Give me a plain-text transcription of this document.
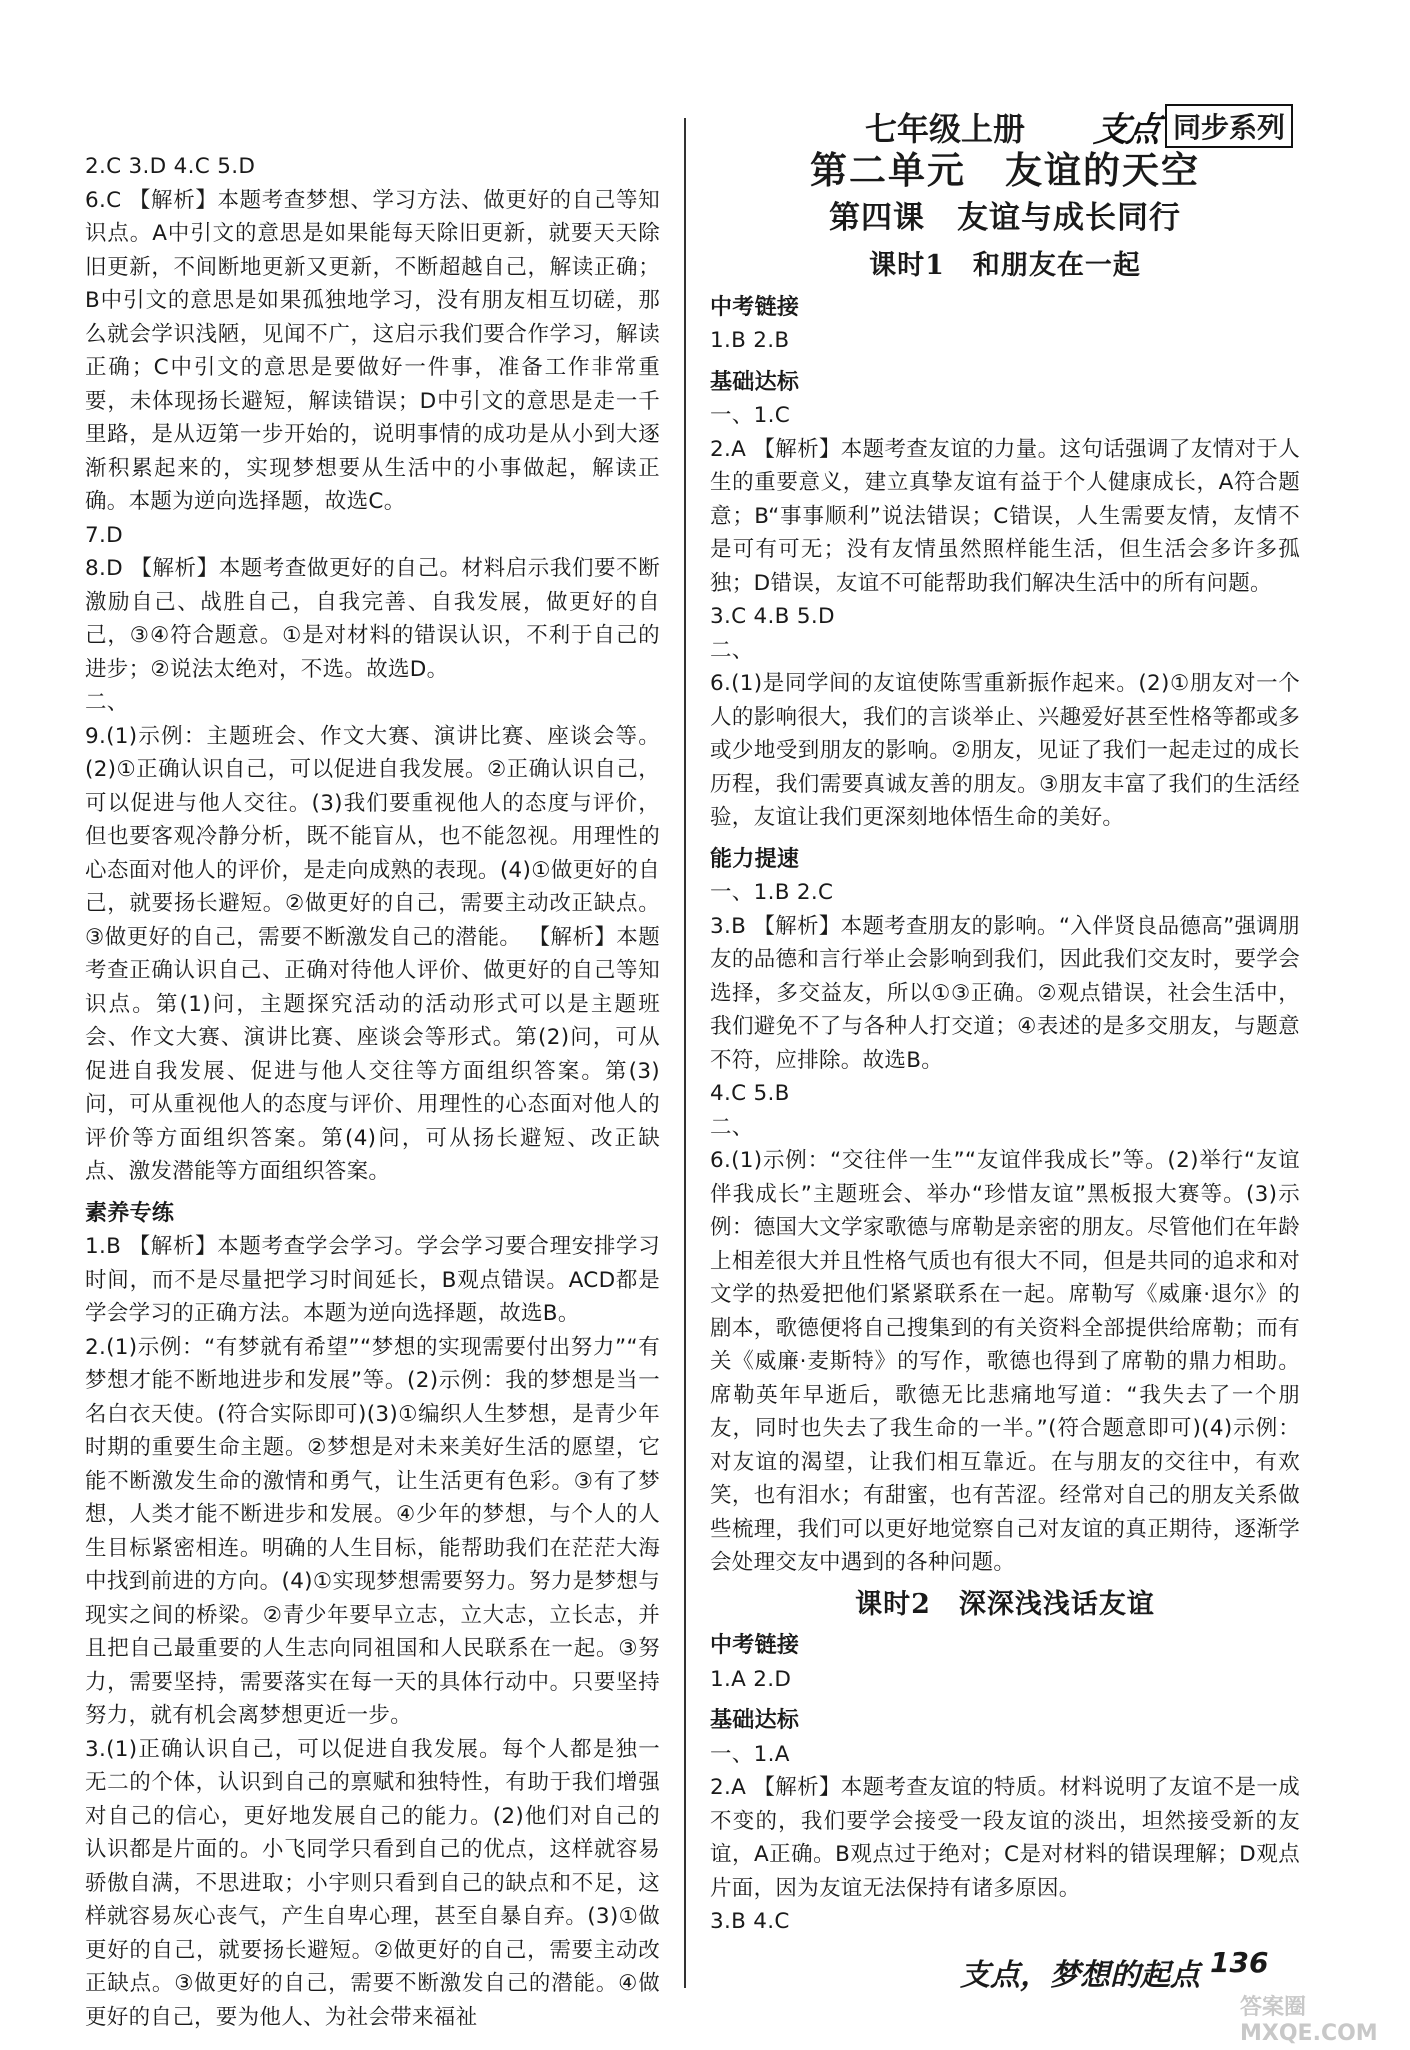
七年级上册 支点 同步系列

2.C 3.D 4.C 5.D

6.C 【解析】本题考查梦想、学习方法、做更好的自己等知识点。A中引文的意思是如果能每天除旧更新，就要天天除旧更新，不间断地更新又更新，不断超越自己，解读正确；B中引文的意思是如果孤独地学习，没有朋友相互切磋，那么就会学识浅陋，见闻不广，这启示我们要合作学习，解读正确；C中引文的意思是要做好一件事，准备工作非常重要，未体现扬长避短，解读错误；D中引文的意思是走一千里路，是从迈第一步开始的，说明事情的成功是从小到大逐渐积累起来的，实现梦想要从生活中的小事做起，解读正确。本题为逆向选择题，故选C。

7.D

8.D 【解析】本题考查做更好的自己。材料启示我们要不断激励自己、战胜自己，自我完善、自我发展，做更好的自己，③④符合题意。①是对材料的错误认识，不利于自己的进步；②说法太绝对，不选。故选D。

二、

9.(1)示例：主题班会、作文大赛、演讲比赛、座谈会等。(2)①正确认识自己，可以促进自我发展。②正确认识自己，可以促进与他人交往。(3)我们要重视他人的态度与评价，但也要客观冷静分析，既不能盲从，也不能忽视。用理性的心态面对他人的评价，是走向成熟的表现。(4)①做更好的自己，就要扬长避短。②做更好的自己，需要主动改正缺点。③做更好的自己，需要不断激发自己的潜能。 【解析】本题考查正确认识自己、正确对待他人评价、做更好的自己等知识点。第(1)问，主题探究活动的活动形式可以是主题班会、作文大赛、演讲比赛、座谈会等形式。第(2)问，可从促进自我发展、促进与他人交往等方面组织答案。第(3)问，可从重视他人的态度与评价、用理性的心态面对他人的评价等方面组织答案。第(4)问，可从扬长避短、改正缺点、激发潜能等方面组织答案。

素养专练

1.B 【解析】本题考查学会学习。学会学习要合理安排学习时间，而不是尽量把学习时间延长，B观点错误。ACD都是学会学习的正确方法。本题为逆向选择题，故选B。

2.(1)示例：“有梦就有希望”“梦想的实现需要付出努力”“有梦想才能不断地进步和发展”等。(2)示例：我的梦想是当一名白衣天使。(符合实际即可)(3)①编织人生梦想，是青少年时期的重要生命主题。②梦想是对未来美好生活的愿望，它能不断激发生命的激情和勇气，让生活更有色彩。③有了梦想，人类才能不断进步和发展。④少年的梦想，与个人的人生目标紧密相连。明确的人生目标，能帮助我们在茫茫大海中找到前进的方向。(4)①实现梦想需要努力。努力是梦想与现实之间的桥梁。②青少年要早立志，立大志，立长志，并且把自己最重要的人生志向同祖国和人民联系在一起。③努力，需要坚持，需要落实在每一天的具体行动中。只要坚持努力，就有机会离梦想更近一步。

3.(1)正确认识自己，可以促进自我发展。每个人都是独一无二的个体，认识到自己的禀赋和独特性，有助于我们增强对自己的信心，更好地发展自己的能力。(2)他们对自己的认识都是片面的。小飞同学只看到自己的优点，这样就容易骄傲自满，不思进取；小宇则只看到自己的缺点和不足，这样就容易灰心丧气，产生自卑心理，甚至自暴自弃。(3)①做更好的自己，就要扬长避短。②做更好的自己，需要主动改正缺点。③做更好的自己，需要不断激发自己的潜能。④做更好的自己，要为他人、为社会带来福祉

第二单元　友谊的天空
第四课　友谊与成长同行
课时1　和朋友在一起

中考链接

1.B 2.B

基础达标

一、1.C

2.A 【解析】本题考查友谊的力量。这句话强调了友情对于人生的重要意义，建立真挚友谊有益于个人健康成长，A符合题意；B“事事顺利”说法错误；C错误，人生需要友情，友情不是可有可无；没有友情虽然照样能生活，但生活会多许多孤独；D错误，友谊不可能帮助我们解决生活中的所有问题。

3.C 4.B 5.D

二、

6.(1)是同学间的友谊使陈雪重新振作起来。(2)①朋友对一个人的影响很大，我们的言谈举止、兴趣爱好甚至性格等都或多或少地受到朋友的影响。②朋友，见证了我们一起走过的成长历程，我们需要真诚友善的朋友。③朋友丰富了我们的生活经验，友谊让我们更深刻地体悟生命的美好。

能力提速

一、1.B 2.C

3.B 【解析】本题考查朋友的影响。“入伴贤良品德高”强调朋友的品德和言行举止会影响到我们，因此我们交友时，要学会选择，多交益友，所以①③正确。②观点错误，社会生活中，我们避免不了与各种人打交道；④表述的是多交朋友，与题意不符，应排除。故选B。

4.C 5.B

二、

6.(1)示例：“交往伴一生”“友谊伴我成长”等。(2)举行“友谊伴我成长”主题班会、举办“珍惜友谊”黑板报大赛等。(3)示例：德国大文学家歌德与席勒是亲密的朋友。尽管他们在年龄上相差很大并且性格气质也有很大不同，但是共同的追求和对文学的热爱把他们紧紧联系在一起。席勒写《威廉·退尔》的剧本，歌德便将自己搜集到的有关资料全部提供给席勒；而有关《威廉·麦斯特》的写作，歌德也得到了席勒的鼎力相助。席勒英年早逝后，歌德无比悲痛地写道：“我失去了一个朋友，同时也失去了我生命的一半。”(符合题意即可)(4)示例：对友谊的渴望，让我们相互靠近。在与朋友的交往中，有欢笑，也有泪水；有甜蜜，也有苦涩。经常对自己的朋友关系做些梳理，我们可以更好地觉察自己对友谊的真正期待，逐渐学会处理交友中遇到的各种问题。

课时2　深深浅浅话友谊

中考链接

1.A 2.D

基础达标

一、1.A

2.A 【解析】本题考查友谊的特质。材料说明了友谊不是一成不变的，我们要学会接受一段友谊的淡出，坦然接受新的友谊，A正确。B观点过于绝对；C是对材料的错误理解；D观点片面，因为友谊无法保持有诸多原因。

3.B 4.C

支点，梦想的起点 136
答案圈 MXQE.COM
